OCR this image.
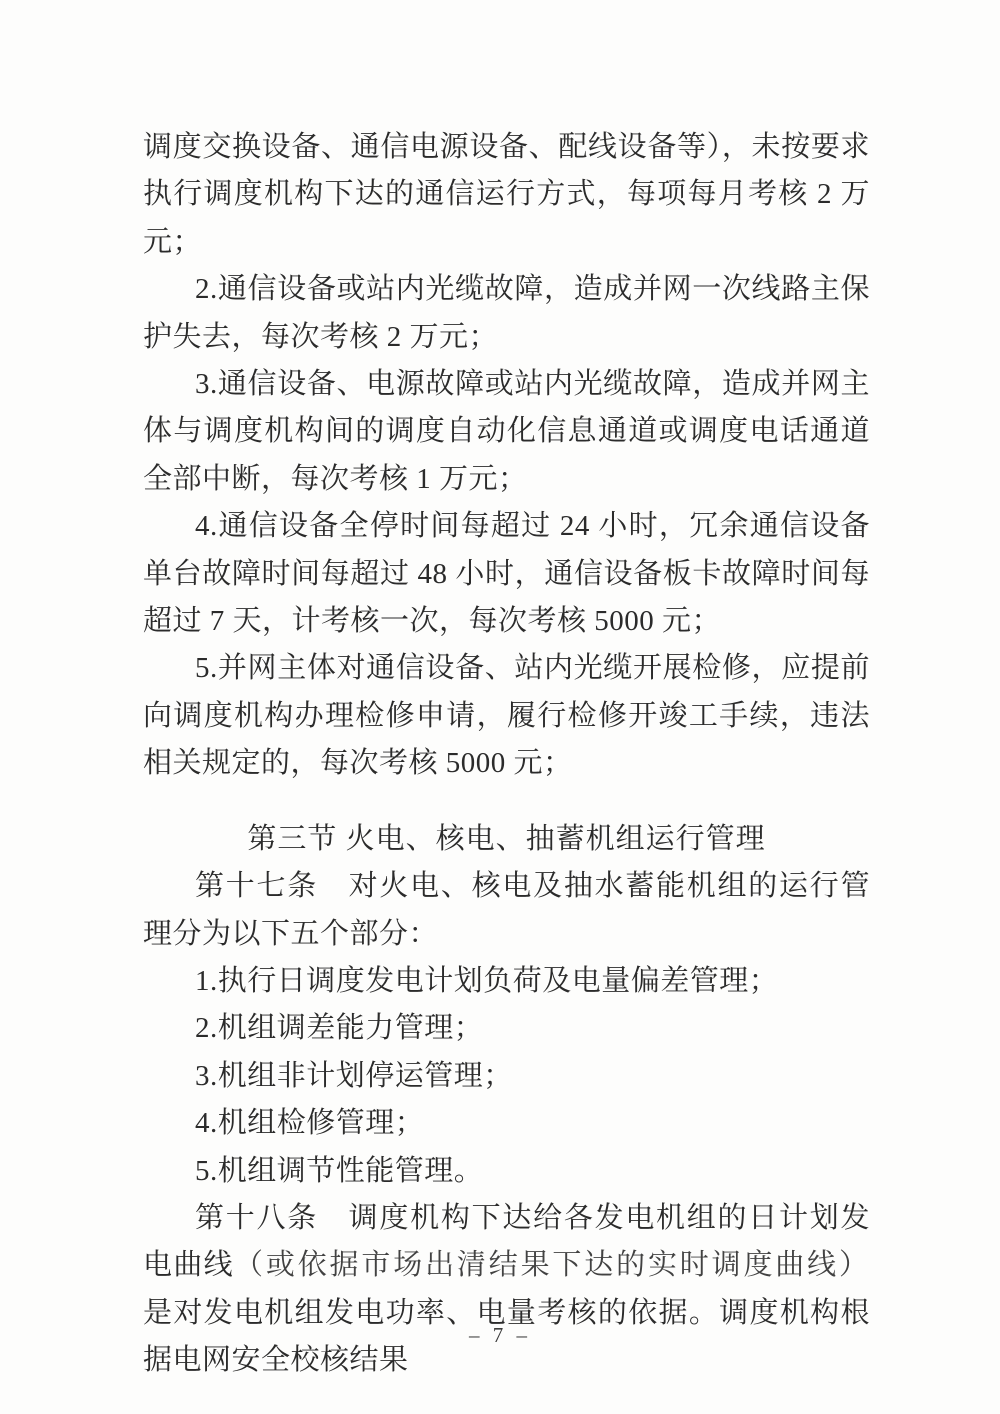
调度交换设备、通信电源设备、配线设备等），未按要求执行调度机构下达的通信运行方式，每项每月考核 2 万元；

2.通信设备或站内光缆故障，造成并网一次线路主保护失去，每次考核 2 万元；

3.通信设备、电源故障或站内光缆故障，造成并网主体与调度机构间的调度自动化信息通道或调度电话通道全部中断，每次考核 1 万元；

4.通信设备全停时间每超过 24 小时，冗余通信设备单台故障时间每超过 48 小时，通信设备板卡故障时间每超过 7 天，计考核一次，每次考核 5000 元；

5.并网主体对通信设备、站内光缆开展检修，应提前向调度机构办理检修申请，履行检修开竣工手续，违法相关规定的，每次考核 5000 元；

第三节 火电、核电、抽蓄机组运行管理

第十七条　对火电、核电及抽水蓄能机组的运行管理分为以下五个部分：

1.执行日调度发电计划负荷及电量偏差管理；

2.机组调差能力管理；

3.机组非计划停运管理；

4.机组检修管理；

5.机组调节性能管理。

第十八条　调度机构下达给各发电机组的日计划发电曲线（或依据市场出清结果下达的实时调度曲线）是对发电机组发电功率、电量考核的依据。调度机构根据电网安全校核结果

– 7 –
